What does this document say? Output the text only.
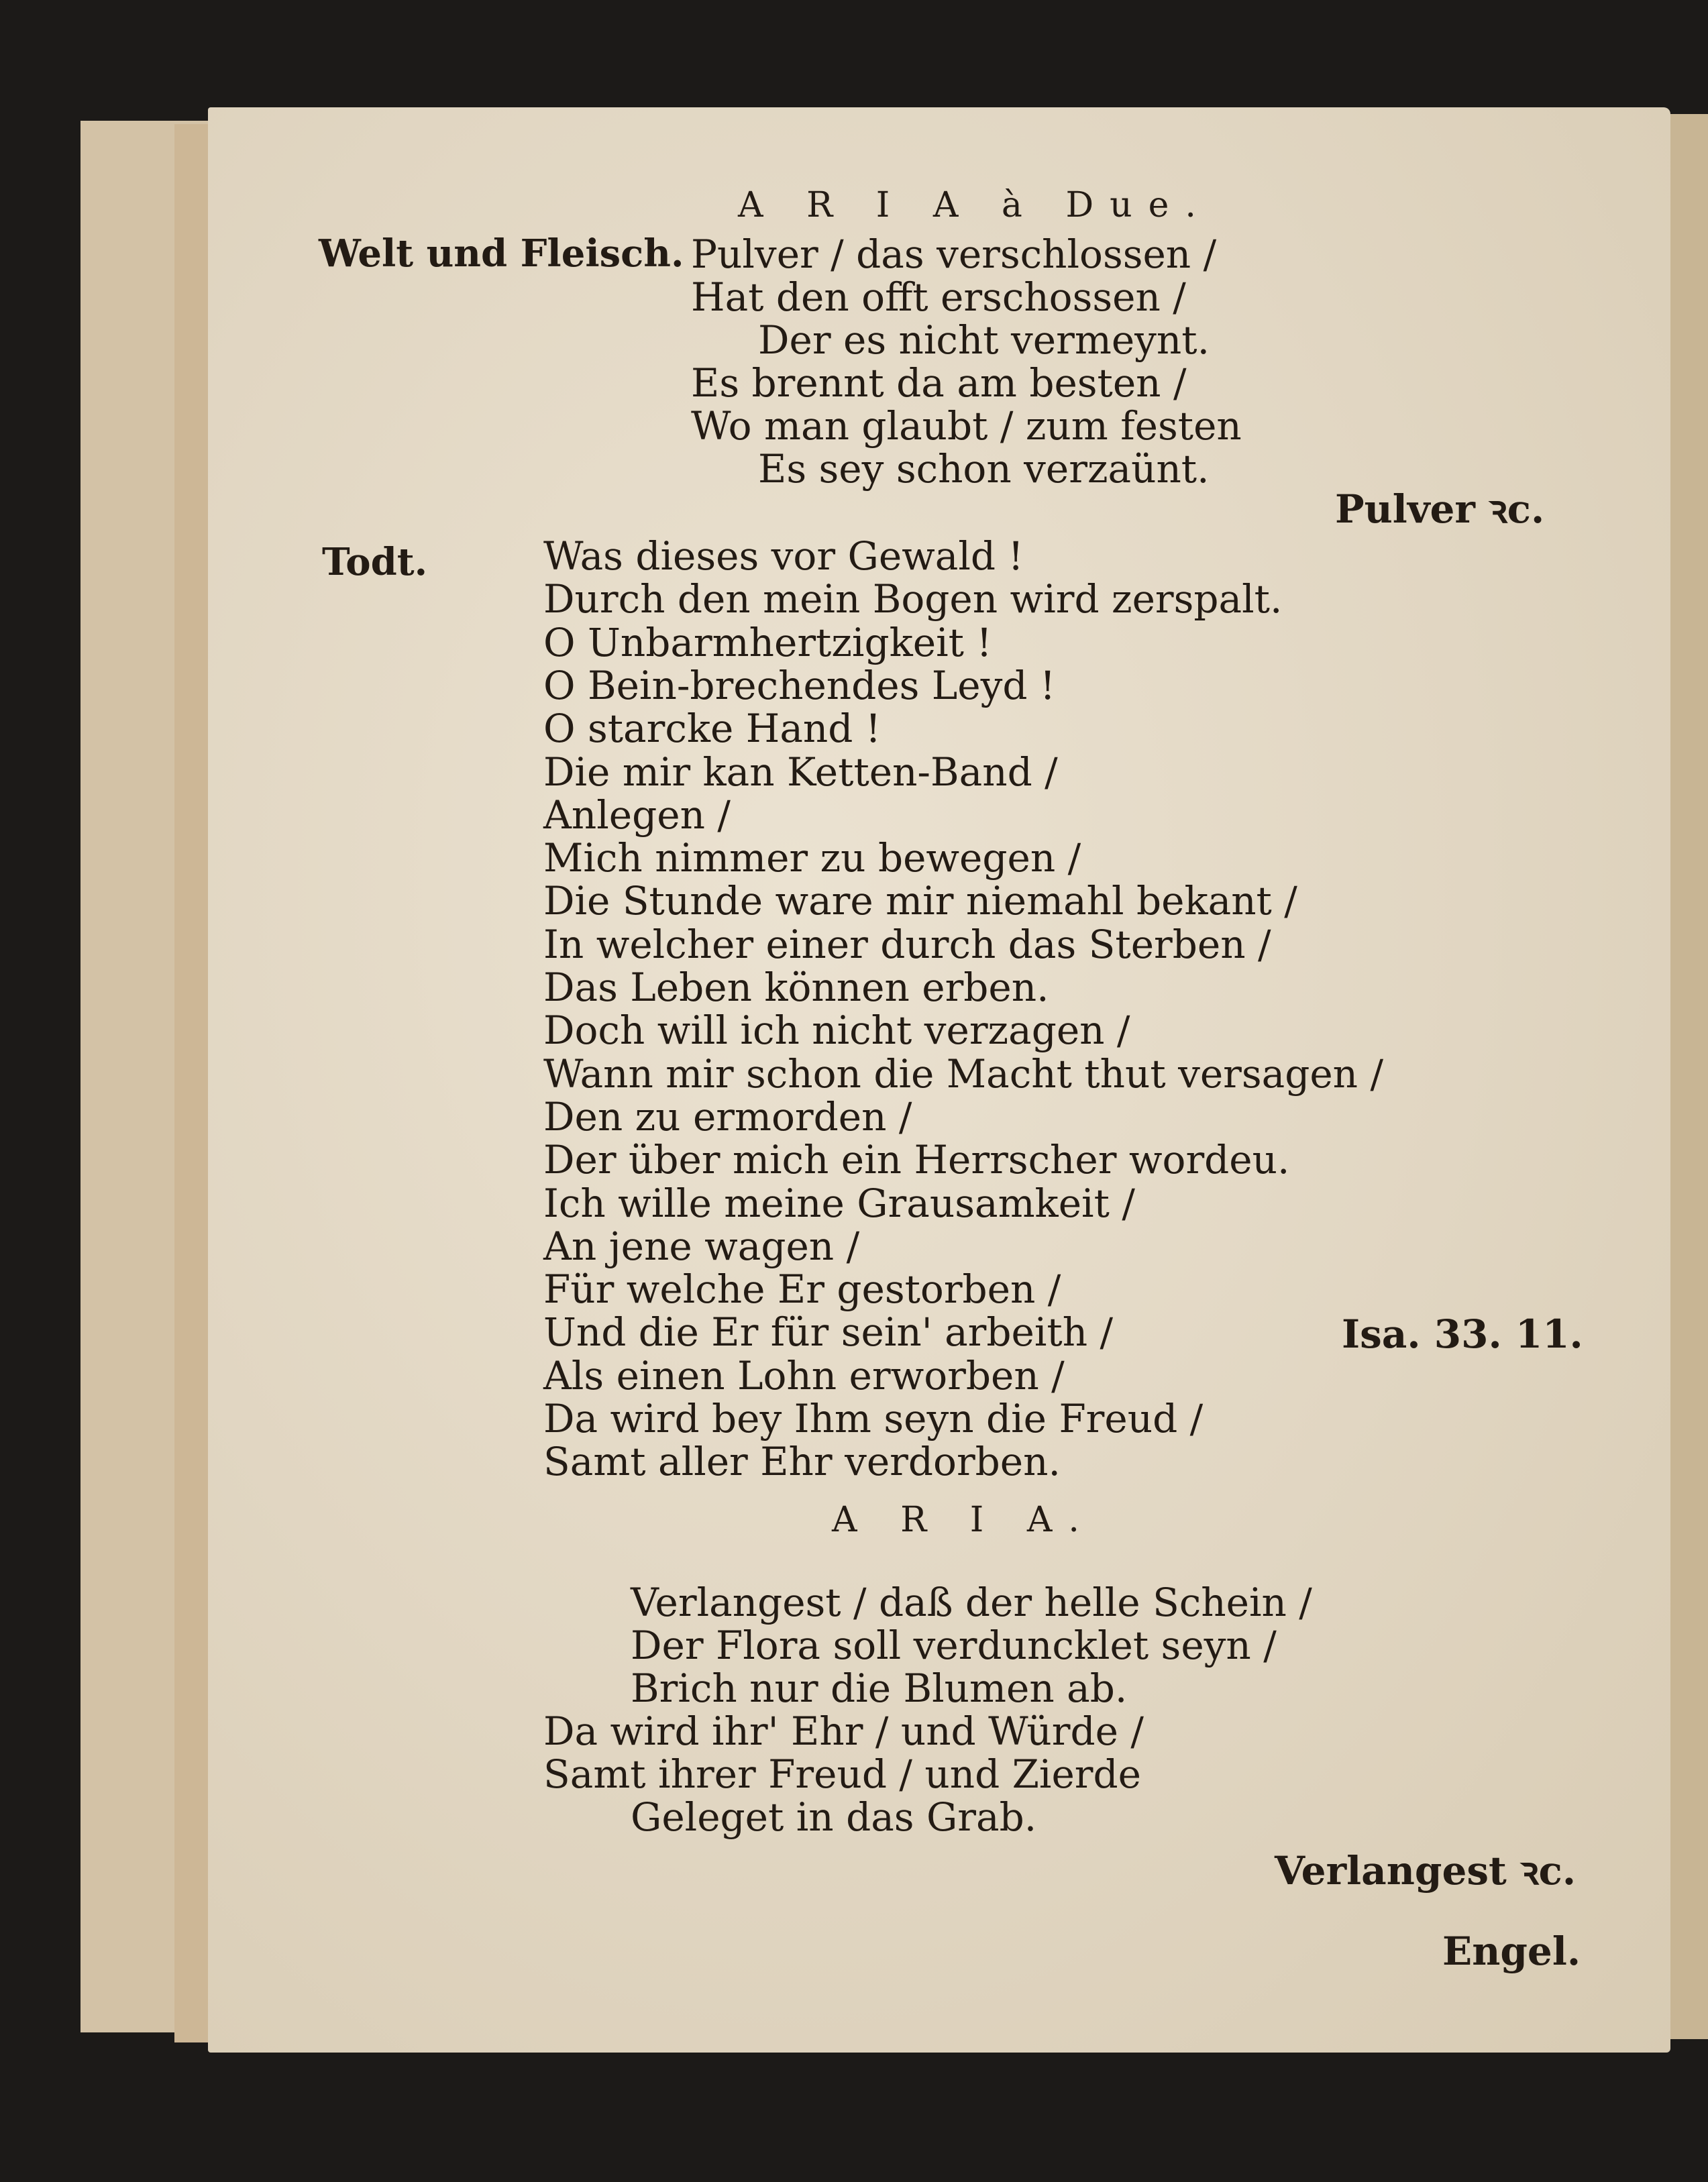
A R I A à Due.

Welt und Fleisch. Pulver / das verschlossen /

Hat den offt erschossen /

Der es nicht vermeynt.

Es brennt da am besten /

Wo man glaubt / zum festen

Es sey schon verzaünt.

Pulver ꝛc.

Todt.	Was dieses vor Gewald !

Durch den mein Bogen wird zerspalt.

O Unbarmhertzigkeit !

O Bein-brechendes Leyd !

O starcke Hand !

Die mir kan Ketten-Band /

Anlegen /

Mich nimmer zu bewegen /

Die Stunde ware mir niemahl bekant /

In welcher einer durch das Sterben /

Das Leben können erben.

Doch will ich nicht verzagen /

Wann mir schon die Macht thut versagen /

Den zu ermorden /

Der über mich ein Herrscher wordeu.

Ich wille meine Grausamkeit /

An jene wagen /

Für welche Er gestorben /

Und die Er für sein' arbeith /

Als einen Lohn erworben /

Da wird bey Ihm seyn die Freud /

Samt aller Ehr verdorben.

Isa. 33. 11.

A R I A.

Verlangest / daß der helle Schein /

Der Flora soll verduncklet seyn /

Brich nur die Blumen ab.

Da wird ihr' Ehr / und Würde /

Samt ihrer Freud / und Zierde

Geleget in das Grab.

Verlangest ꝛc.

Engel.
